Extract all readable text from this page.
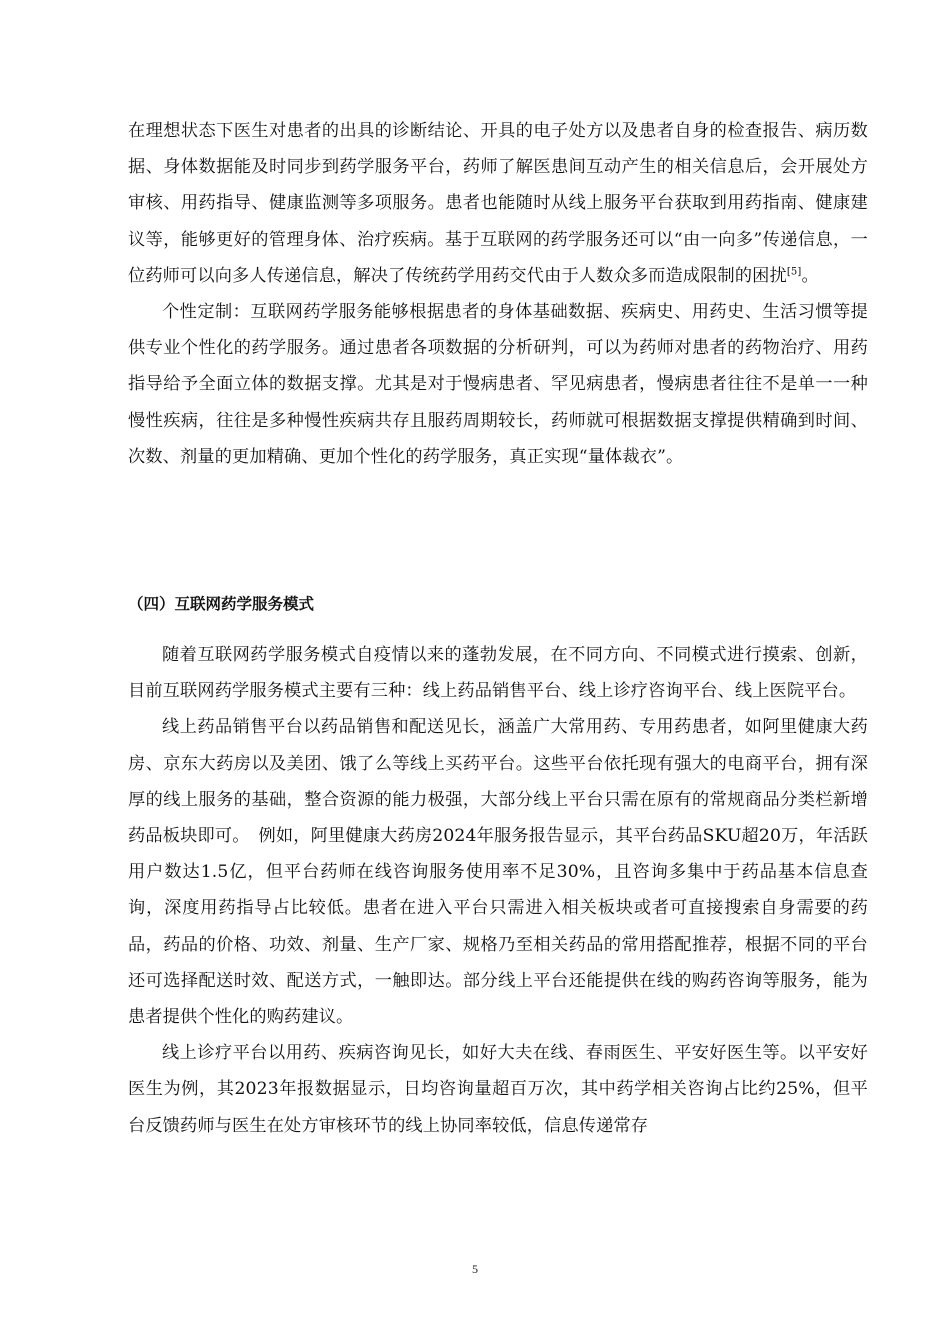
在理想状态下医生对患者的出具的诊断结论、开具的电子处方以及患者自身的检查报告、病历数据、身体数据能及时同步到药学服务平台，药师了解医患间互动产生的相关信息后，会开展处方审核、用药指导、健康监测等多项服务。患者也能随时从线上服务平台获取到用药指南、健康建议等，能够更好的管理身体、治疗疾病。基于互联网的药学服务还可以“由一向多”传递信息，一位药师可以向多人传递信息，解决了传统药学用药交代由于人数众多而造成限制的困扰[5]。

个性定制：互联网药学服务能够根据患者的身体基础数据、疾病史、用药史、生活习惯等提供专业个性化的药学服务。通过患者各项数据的分析研判，可以为药师对患者的药物治疗、用药指导给予全面立体的数据支撑。尤其是对于慢病患者、罕见病患者，慢病患者往往不是单一一种慢性疾病，往往是多种慢性疾病共存且服药周期较长，药师就可根据数据支撑提供精确到时间、次数、剂量的更加精确、更加个性化的药学服务，真正实现“量体裁衣”。

（四）互联网药学服务模式

随着互联网药学服务模式自疫情以来的蓬勃发展，在不同方向、不同模式进行摸索、创新，目前互联网药学服务模式主要有三种：线上药品销售平台、线上诊疗咨询平台、线上医院平台。

线上药品销售平台以药品销售和配送见长，涵盖广大常用药、专用药患者，如阿里健康大药房、京东大药房以及美团、饿了么等线上买药平台。这些平台依托现有强大的电商平台，拥有深厚的线上服务的基础，整合资源的能力极强，大部分线上平台只需在原有的常规商品分类栏新增药品板块即可。　例如，阿里健康大药房2024年服务报告显示，其平台药品SKU超20万，年活跃用户数达1.5亿，但平台药师在线咨询服务使用率不足30%，且咨询多集中于药品基本信息查询，深度用药指导占比较低。患者在进入平台只需进入相关板块或者可直接搜索自身需要的药品，药品的价格、功效、剂量、生产厂家、规格乃至相关药品的常用搭配推荐，根据不同的平台还可选择配送时效、配送方式，一触即达。部分线上平台还能提供在线的购药咨询等服务，能为患者提供个性化的购药建议。

线上诊疗平台以用药、疾病咨询见长，如好大夫在线、春雨医生、平安好医生等。以平安好医生为例，其2023年报数据显示，日均咨询量超百万次，其中药学相关咨询占比约25%，但平台反馈药师与医生在处方审核环节的线上协同率较低，信息传递常存

5
